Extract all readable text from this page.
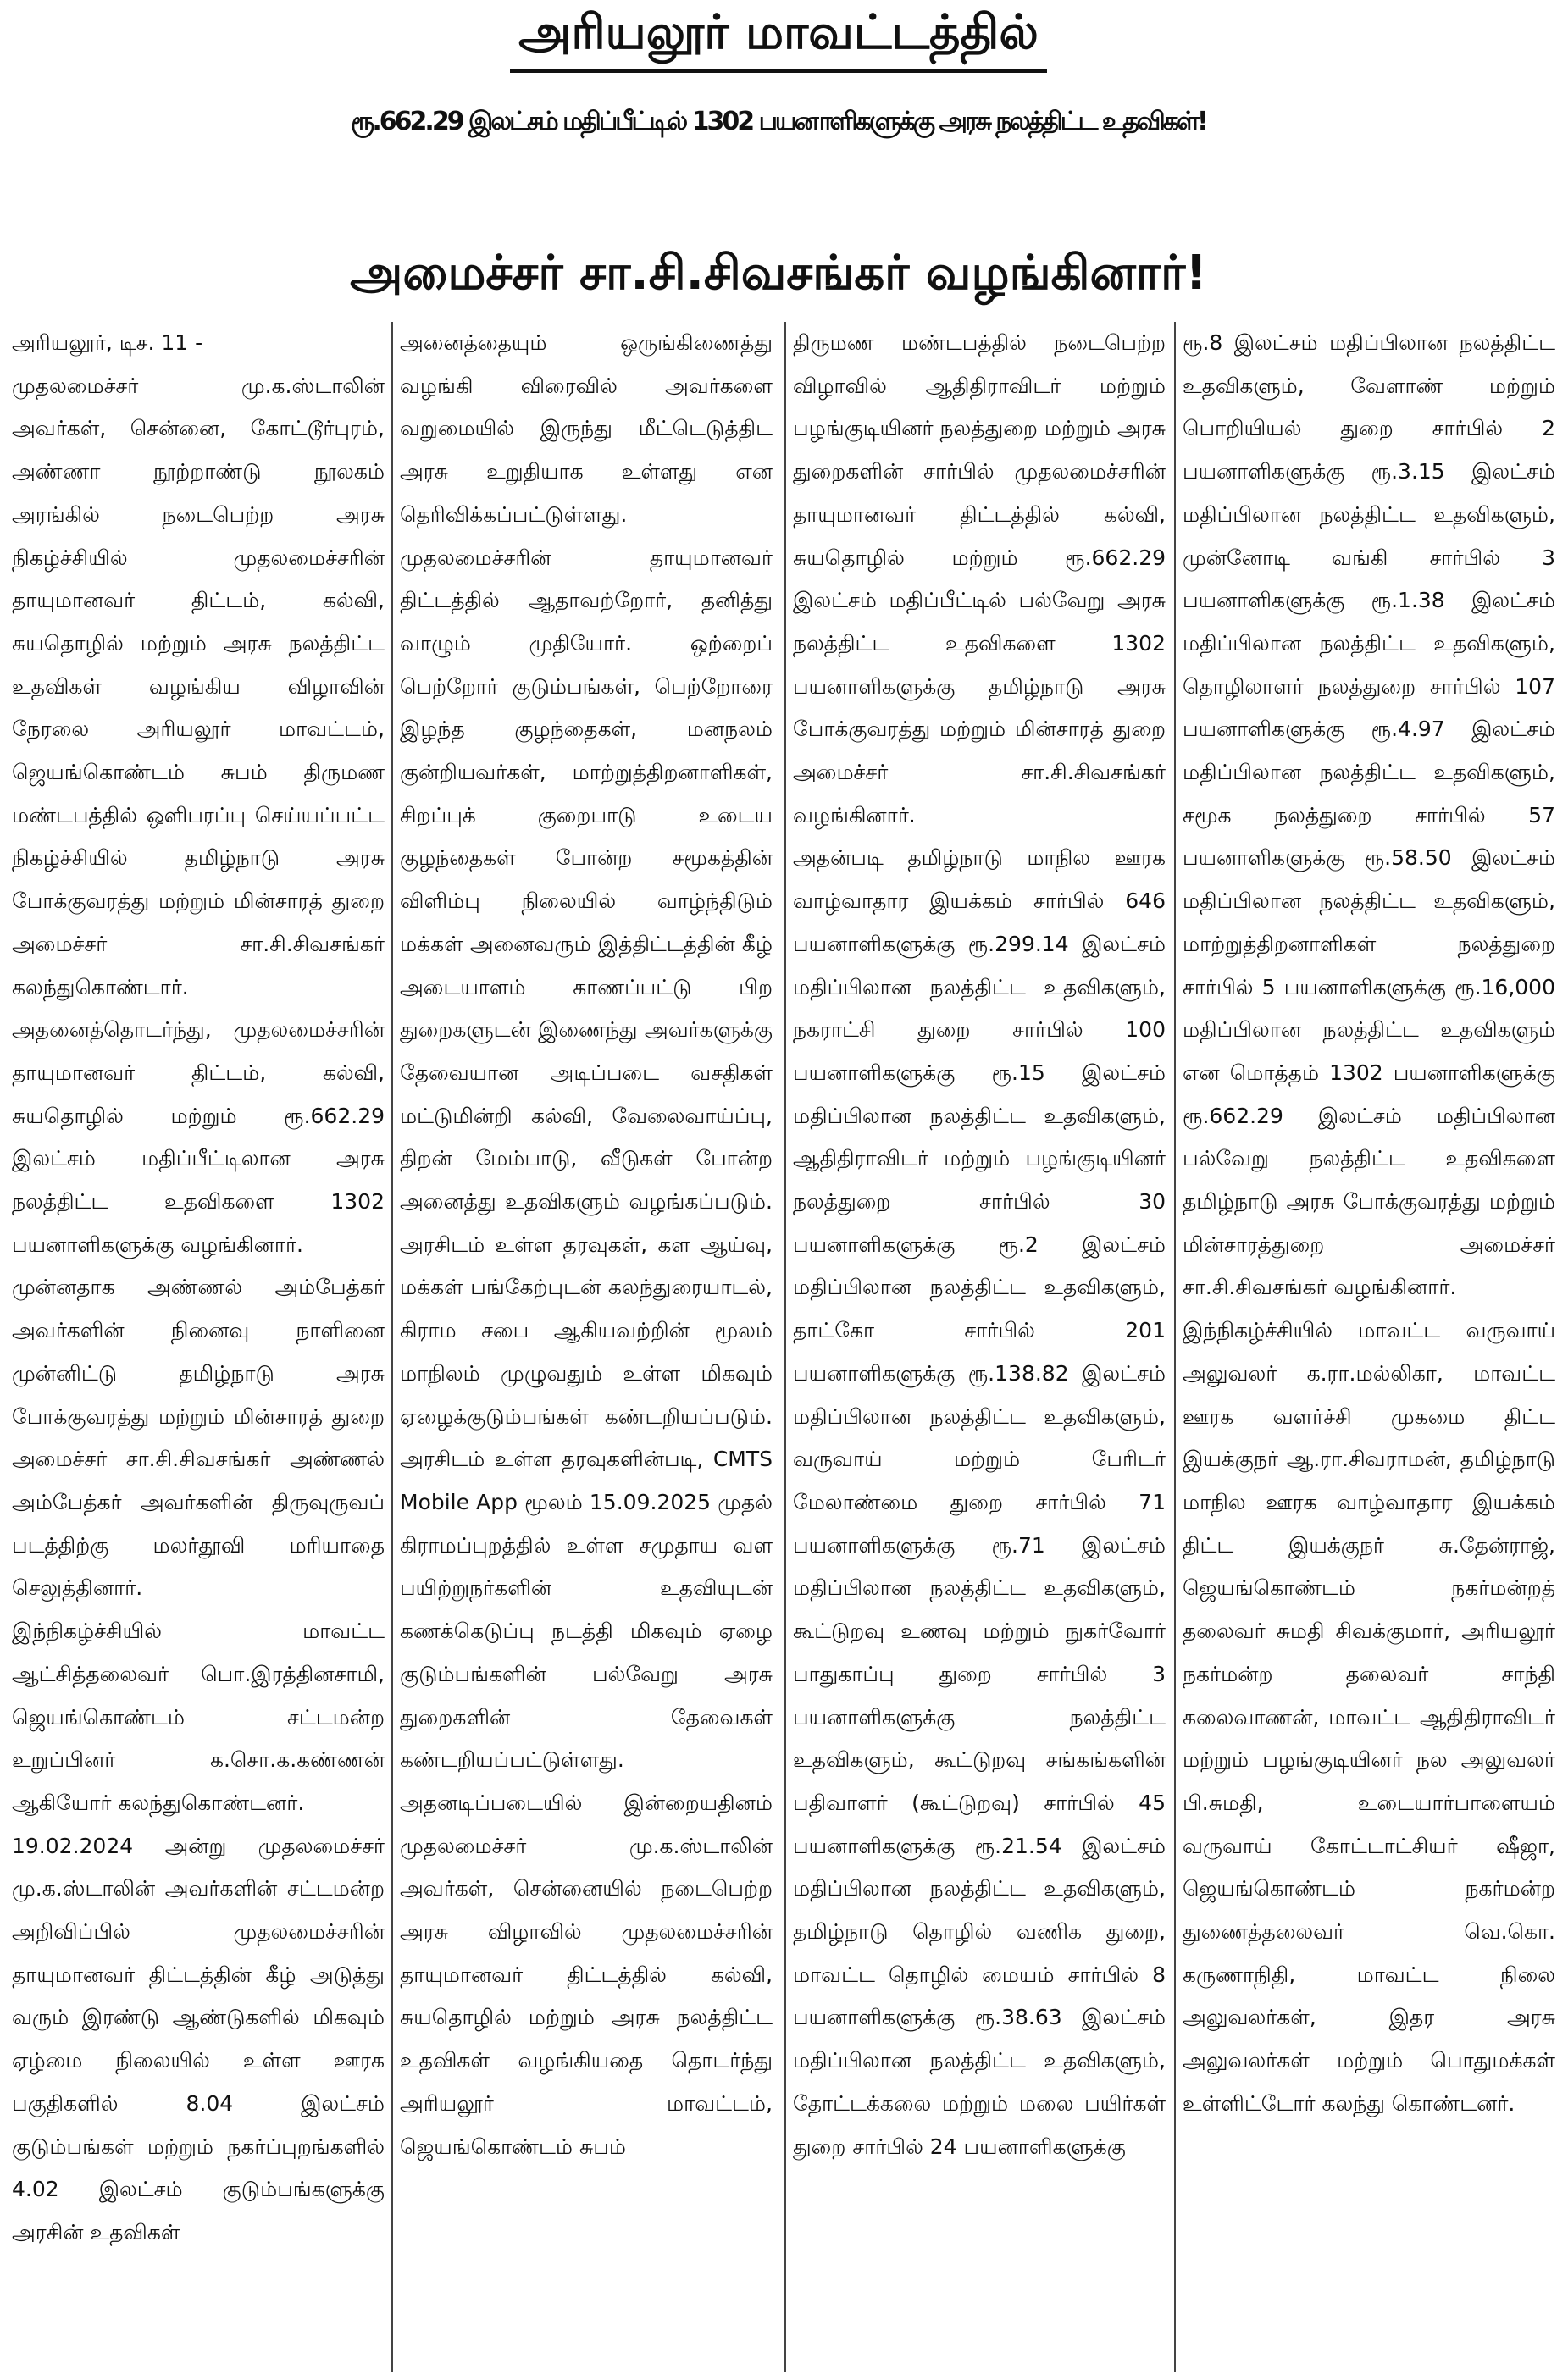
அரியலூர் மாவட்டத்தில்
ரூ.662.29 இலட்சம் மதிப்பீட்டில் 1302 பயனாளிகளுக்கு அரசு நலத்திட்ட உதவிகள்!
அமைச்சர் சா.சி.சிவசங்கர் வழங்கினார்!
அரியலூர், டிச. 11 -
முதலமைச்சர் மு.க.ஸ்டாலின் அவர்கள், சென்னை, கோட்டூர்புரம், அண்ணா நூற்றாண்டு நூலகம் அரங்கில் நடைபெற்ற அரசு நிகழ்ச்சியில் முதலமைச்சரின் தாயுமானவர் திட்டம், கல்வி, சுயதொழில் மற்றும் அரசு நலத்திட்ட உதவிகள் வழங்கிய விழாவின் நேரலை அரியலூர் மாவட்டம், ஜெயங்கொண்டம் சுபம் திருமண மண்டபத்தில் ஒளிபரப்பு செய்யப்பட்ட நிகழ்ச்சியில் தமிழ்நாடு அரசு போக்குவரத்து மற்றும் மின்சாரத் துறை அமைச்சர் சா.சி.சிவசங்கர் கலந்துகொண்டார். அதனைத்தொடர்ந்து, முதலமைச்சரின் தாயுமானவர் திட்டம், கல்வி, சுயதொழில் மற்றும் ரூ.662.29 இலட்சம் மதிப்பீட்டிலான அரசு நலத்திட்ட உதவிகளை 1302 பயனாளிகளுக்கு வழங்கினார்.
முன்னதாக அண்ணல் அம்பேத்கர் அவர்களின் நினைவு நாளினை முன்னிட்டு தமிழ்நாடு அரசு போக்குவரத்து மற்றும் மின்சாரத் துறை அமைச்சர் சா.சி.சிவசங்கர் அண்ணல் அம்பேத்கர் அவர்களின் திருவுருவப் படத்திற்கு மலர்தூவி மரியாதை செலுத்தினார்.
இந்நிகழ்ச்சியில் மாவட்ட ஆட்சித்தலைவர் பொ.இரத்தினசாமி, ஜெயங்கொண்டம் சட்டமன்ற உறுப்பினர் க.சொ.க.கண்ணன் ஆகியோர் கலந்துகொண்டனர்.
19.02.2024 அன்று முதலமைச்சர் மு.க.ஸ்டாலின் அவர்களின் சட்டமன்ற அறிவிப்பில் முதலமைச்சரின் தாயுமானவர் திட்டத்தின் கீழ் அடுத்து வரும் இரண்டு ஆண்டுகளில் மிகவும் ஏழ்மை நிலையில் உள்ள ஊரக பகுதிகளில் 8.04 இலட்சம் குடும்பங்கள் மற்றும் நகர்ப்புறங்களில் 4.02 இலட்சம் குடும்பங்களுக்கு அரசின் உதவிகள்
அனைத்தையும் ஒருங்கிணைத்து வழங்கி விரைவில் அவர்களை வறுமையில் இருந்து மீட்டெடுத்திட அரசு உறுதியாக உள்ளது என தெரிவிக்கப்பட்டுள்ளது. முதலமைச்சரின் தாயுமானவர் திட்டத்தில் ஆதாவற்றோர், தனித்து வாழும் முதியோர். ஒற்றைப் பெற்றோர் குடும்பங்கள், பெற்றோரை இழந்த குழந்தைகள், மனநலம் குன்றியவர்கள், மாற்றுத்திறனாளிகள், சிறப்புக் குறைபாடு உடைய குழந்தைகள் போன்ற சமூகத்தின் விளிம்பு நிலையில் வாழ்ந்திடும் மக்கள் அனைவரும் இத்திட்டத்தின் கீழ் அடையாளம் காணப்பட்டு பிற துறைகளுடன் இணைந்து அவர்களுக்கு தேவையான அடிப்படை வசதிகள் மட்டுமின்றி கல்வி, வேலைவாய்ப்பு, திறன் மேம்பாடு, வீடுகள் போன்ற அனைத்து உதவிகளும் வழங்கப்படும். அரசிடம் உள்ள தரவுகள், கள ஆய்வு, மக்கள் பங்கேற்புடன் கலந்துரையாடல், கிராம சபை ஆகியவற்றின் மூலம் மாநிலம் முழுவதும் உள்ள மிகவும் ஏழைக்குடும்பங்கள் கண்டறியப்படும். அரசிடம் உள்ள தரவுகளின்படி, CMTS Mobile App மூலம் 15.09.2025 முதல் கிராமப்புறத்தில் உள்ள சமுதாய வள பயிற்றுநர்களின் உதவியுடன் கணக்கெடுப்பு நடத்தி மிகவும் ஏழை குடும்பங்களின் பல்வேறு அரசு துறைகளின் தேவைகள் கண்டறியப்பட்டுள்ளது.
அதனடிப்படையில் இன்றையதினம் முதலமைச்சர் மு.க.ஸ்டாலின் அவர்கள், சென்னையில் நடைபெற்ற அரசு விழாவில் முதலமைச்சரின் தாயுமானவர் திட்டத்தில் கல்வி, சுயதொழில் மற்றும் அரசு நலத்திட்ட உதவிகள் வழங்கியதை தொடர்ந்து அரியலூர் மாவட்டம், ஜெயங்கொண்டம் சுபம்
திருமண மண்டபத்தில் நடைபெற்ற விழாவில் ஆதிதிராவிடர் மற்றும் பழங்குடியினர் நலத்துறை மற்றும் அரசு துறைகளின் சார்பில் முதலமைச்சரின் தாயுமானவர் திட்டத்தில் கல்வி, சுயதொழில் மற்றும் ரூ.662.29 இலட்சம் மதிப்பீட்டில் பல்வேறு அரசு நலத்திட்ட உதவிகளை 1302 பயனாளிகளுக்கு தமிழ்நாடு அரசு போக்குவரத்து மற்றும் மின்சாரத் துறை அமைச்சர் சா.சி.சிவசங்கர் வழங்கினார்.
அதன்படி தமிழ்நாடு மாநில ஊரக வாழ்வாதார இயக்கம் சார்பில் 646 பயனாளிகளுக்கு ரூ.299.14 இலட்சம் மதிப்பிலான நலத்திட்ட உதவிகளும், நகராட்சி துறை சார்பில் 100 பயனாளிகளுக்கு ரூ.15 இலட்சம் மதிப்பிலான நலத்திட்ட உதவிகளும், ஆதிதிராவிடர் மற்றும் பழங்குடியினர் நலத்துறை சார்பில் 30 பயனாளிகளுக்கு ரூ.2 இலட்சம் மதிப்பிலான நலத்திட்ட உதவிகளும், தாட்கோ சார்பில் 201 பயனாளிகளுக்கு ரூ.138.82 இலட்சம் மதிப்பிலான நலத்திட்ட உதவிகளும், வருவாய் மற்றும் பேரிடர் மேலாண்மை துறை சார்பில் 71 பயனாளிகளுக்கு ரூ.71 இலட்சம் மதிப்பிலான நலத்திட்ட உதவிகளும், கூட்டுறவு உணவு மற்றும் நுகர்வோர் பாதுகாப்பு துறை சார்பில் 3 பயனாளிகளுக்கு நலத்திட்ட உதவிகளும், கூட்டுறவு சங்கங்களின் பதிவாளர் (கூட்டுறவு) சார்பில் 45 பயனாளிகளுக்கு ரூ.21.54 இலட்சம் மதிப்பிலான நலத்திட்ட உதவிகளும், தமிழ்நாடு தொழில் வணிக துறை, மாவட்ட தொழில் மையம் சார்பில் 8 பயனாளிகளுக்கு ரூ.38.63 இலட்சம் மதிப்பிலான நலத்திட்ட உதவிகளும், தோட்டக்கலை மற்றும் மலை பயிர்கள் துறை சார்பில் 24 பயனாளிகளுக்கு
ரூ.8 இலட்சம் மதிப்பிலான நலத்திட்ட உதவிகளும், வேளாண் மற்றும் பொறியியல் துறை சார்பில் 2 பயனாளிகளுக்கு ரூ.3.15 இலட்சம் மதிப்பிலான நலத்திட்ட உதவிகளும், முன்னோடி வங்கி சார்பில் 3 பயனாளிகளுக்கு ரூ.1.38 இலட்சம் மதிப்பிலான நலத்திட்ட உதவிகளும், தொழிலாளர் நலத்துறை சார்பில் 107 பயனாளிகளுக்கு ரூ.4.97 இலட்சம் மதிப்பிலான நலத்திட்ட உதவிகளும், சமூக நலத்துறை சார்பில் 57 பயனாளிகளுக்கு ரூ.58.50 இலட்சம் மதிப்பிலான நலத்திட்ட உதவிகளும், மாற்றுத்திறனாளிகள் நலத்துறை சார்பில் 5 பயனாளிகளுக்கு ரூ.16,000 மதிப்பிலான நலத்திட்ட உதவிகளும் என மொத்தம் 1302 பயனாளிகளுக்கு ரூ.662.29 இலட்சம் மதிப்பிலான பல்வேறு நலத்திட்ட உதவிகளை தமிழ்நாடு அரசு போக்குவரத்து மற்றும் மின்சாரத்துறை அமைச்சர் சா.சி.சிவசங்கர் வழங்கினார்.
இந்நிகழ்ச்சியில் மாவட்ட வருவாய் அலுவலர் க.ரா.மல்லிகா, மாவட்ட ஊரக வளர்ச்சி முகமை திட்ட இயக்குநர் ஆ.ரா.சிவராமன், தமிழ்நாடு மாநில ஊரக வாழ்வாதார இயக்கம் திட்ட இயக்குநர் சு.தேன்ராஜ், ஜெயங்கொண்டம் நகர்மன்றத் தலைவர் சுமதி சிவக்குமார், அரியலூர் நகர்மன்ற தலைவர் சாந்தி கலைவாணன், மாவட்ட ஆதிதிராவிடர் மற்றும் பழங்குடியினர் நல அலுவலர் பி.சுமதி, உடையார்பாளையம் வருவாய் கோட்டாட்சியர் ஷீஜா, ஜெயங்கொண்டம் நகர்மன்ற துணைத்தலைவர் வெ.கொ. கருணாநிதி, மாவட்ட நிலை அலுவலர்கள், இதர அரசு அலுவலர்கள் மற்றும் பொதுமக்கள் உள்ளிட்டோர் கலந்து கொண்டனர்.
